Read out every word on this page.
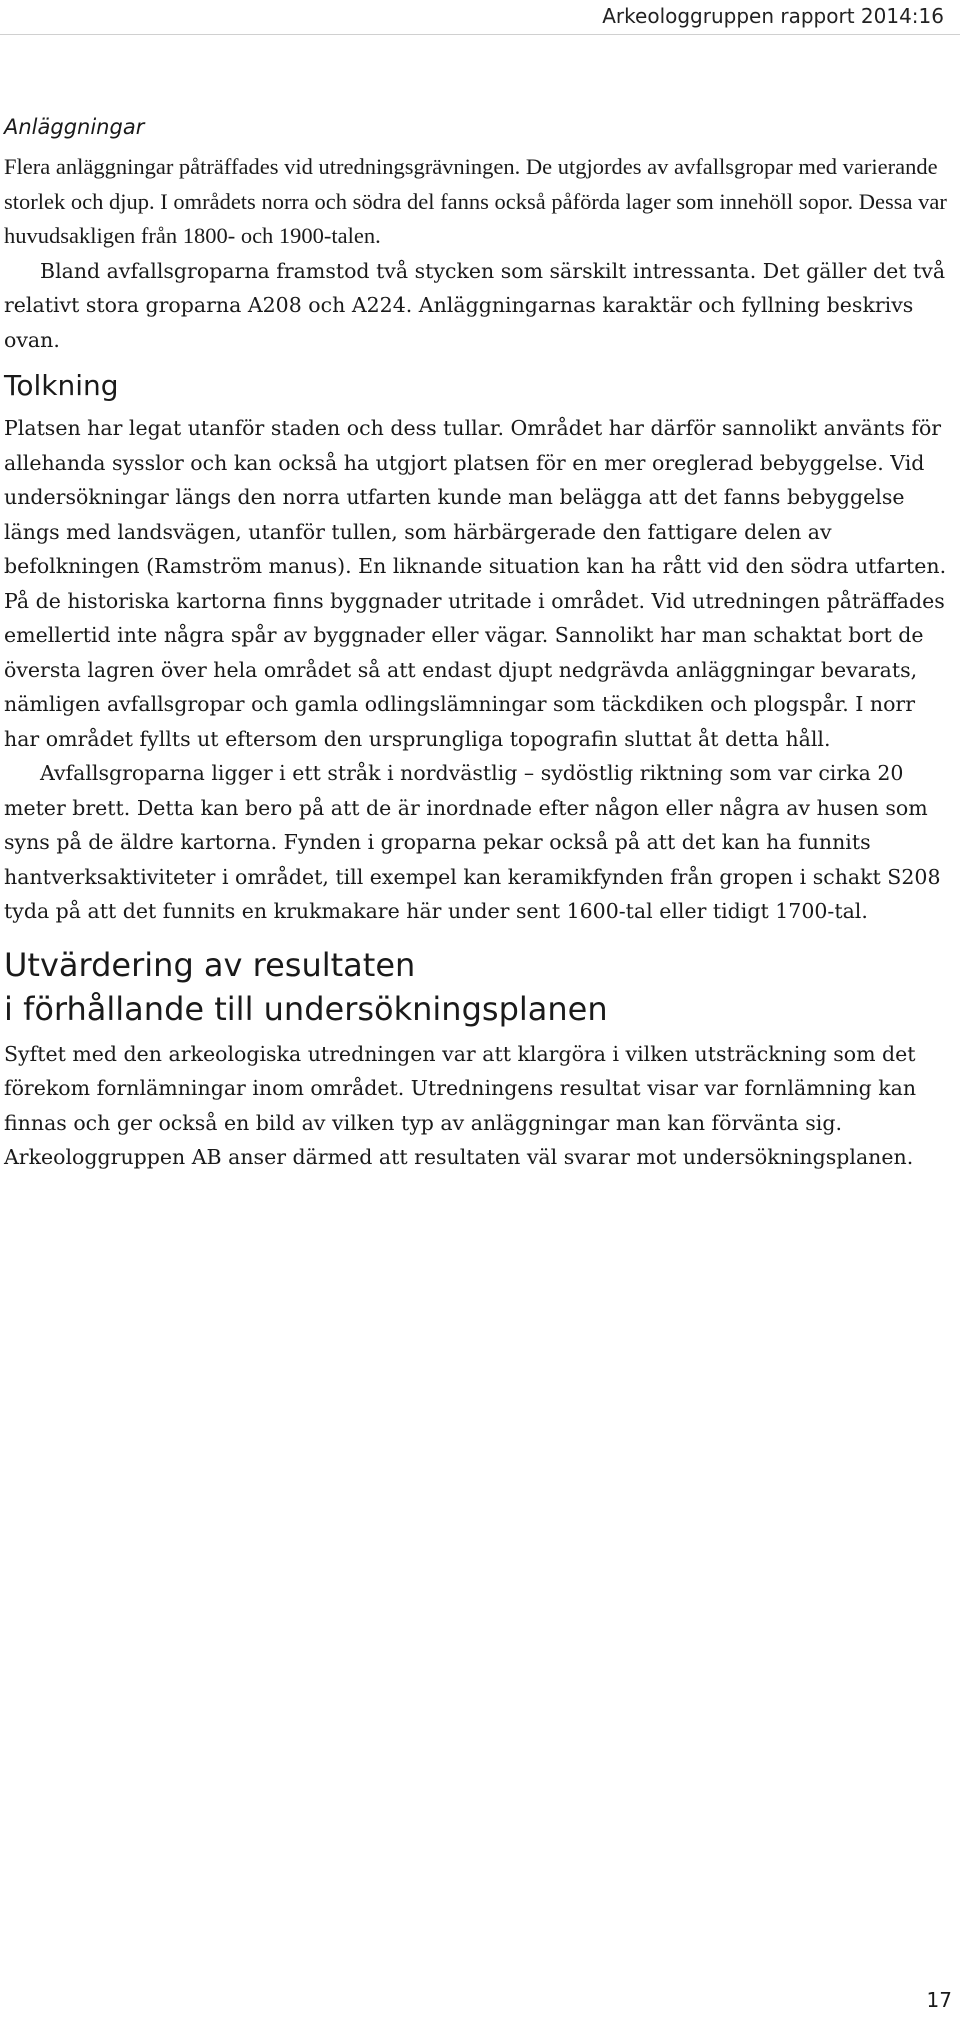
Arkeologgruppen rapport 2014:16
Anläggningar

Flera anläggningar påträffades vid utredningsgrävningen. De utgjordes av avfallsgropar med varierande storlek och djup. I områdets norra och södra del fanns också påförda lager som innehöll sopor. Dessa var huvudsakligen från 1800- och 1900-talen.

Bland avfallsgroparna framstod två stycken som särskilt intressanta. Det gäller det två relativt stora groparna A208 och A224. Anläggningarnas karaktär och fyllning beskrivs ovan.

Tolkning

Platsen har legat utanför staden och dess tullar. Området har därför sannolikt använts för allehanda sysslor och kan också ha utgjort platsen för en mer oreglerad bebyggelse. Vid undersökningar längs den norra utfarten kunde man belägga att det fanns bebyggelse längs med landsvägen, utanför tullen, som härbärgerade den fattigare delen av befolkningen (Ramström manus). En liknande situation kan ha rått vid den södra utfarten. På de historiska kartorna finns byggnader utritade i området. Vid utredningen påträffades emellertid inte några spår av byggnader eller vägar. Sannolikt har man schaktat bort de översta lagren över hela området så att endast djupt nedgrävda anläggningar bevarats, nämligen avfallsgropar och gamla odlingslämningar som täckdiken och plogspår. I norr har området fyllts ut eftersom den ursprungliga topografin sluttat åt detta håll.

Avfallsgroparna ligger i ett stråk i nordvästlig – sydöstlig riktning som var cirka 20 meter brett. Detta kan bero på att de är inordnade efter någon eller några av husen som syns på de äldre kartorna. Fynden i groparna pekar också på att det kan ha funnits hantverksaktiviteter i området, till exempel kan keramikfynden från gropen i schakt S208 tyda på att det funnits en krukmakare här under sent 1600-tal eller tidigt 1700-tal.

Utvärdering av resultaten
i förhållande till undersökningsplanen

Syftet med den arkeologiska utredningen var att klargöra i vilken utsträckning som det förekom fornlämningar inom området. Utredningens resultat visar var fornlämning kan finnas och ger också en bild av vilken typ av anläggningar man kan förvänta sig. Arkeologgruppen AB anser därmed att resultaten väl svarar mot undersökningsplanen.

17
